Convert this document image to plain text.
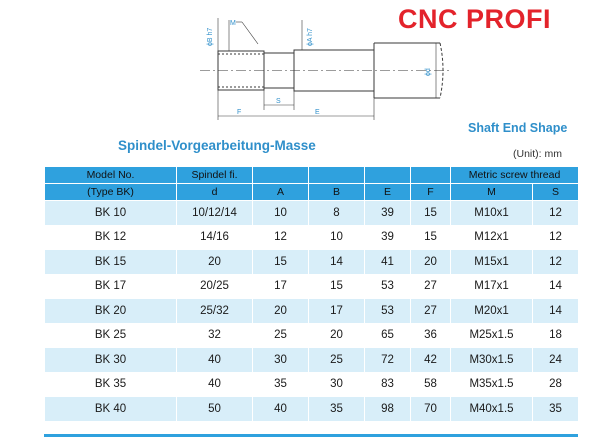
CNC PROFI
M
ϕB h7	ϕA h7
ϕd
F
S
E
Shaft End Shape
Spindel-Vorgearbeitung-Masse
(Unit): mm
Model No.	Spindel fi.					Metric screw thread	
(Type BK)	d	A	B	E	F	M	S
BK 10	10/12/14	10	8	39	15	M10x1	12
BK 12	14/16	12	10	39	15	M12x1	12
BK 15	20	15	14	41	20	M15x1	12
BK 17	20/25	17	15	53	27	M17x1	14
BK 20	25/32	20	17	53	27	M20x1	14
BK 25	32	25	20	65	36	M25x1.5	18
BK 30	40	30	25	72	42	M30x1.5	24
BK 35	40	35	30	83	58	M35x1.5	28
BK 40	50	40	35	98	70	M40x1.5	35
